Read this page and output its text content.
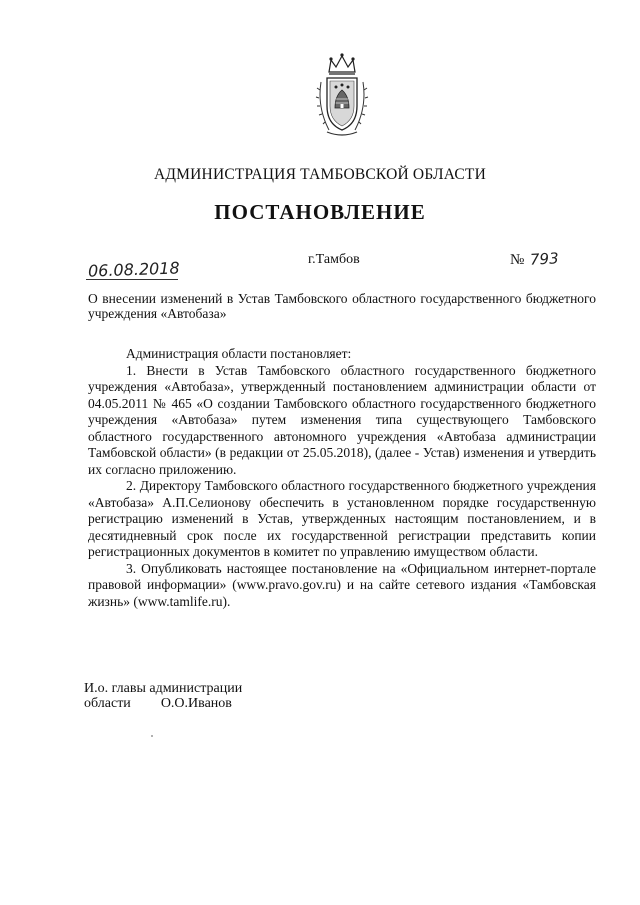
АДМИНИСТРАЦИЯ ТАМБОВСКОЙ ОБЛАСТИ
ПОСТАНОВЛЕНИЕ
06.08.2018	г.Тамбов	№ 793
О внесении изменений в Устав Тамбовского областного государственного бюджетного учреждения «Автобаза»

Администрация области постановляет:

1. Внести в Устав Тамбовского областного государственного бюджетного учреждения «Автобаза», утвержденный постановлением администрации области от 04.05.2011 № 465 «О создании Тамбовского областного государственного бюджетного учреждения «Автобаза» путем изменения типа существующего Тамбовского областного государственного автономного учреждения «Автобаза администрации Тамбовской области» (в редакции от 25.05.2018), (далее - Устав) изменения и утвердить их согласно приложению.

2. Директору Тамбовского областного государственного бюджетного учреждения «Автобаза» А.П.Селионову обеспечить в установленном порядке государственную регистрацию изменений в Устав, утвержденных настоящим постановлением, и в десятидневный срок после их государственной регистрации представить копии регистрационных документов в комитет по управлению имуществом области.

3. Опубликовать настоящее постановление на «Официальном интернет-портале правовой информации» (www.pravo.gov.ru) и на сайте сетевого издания «Тамбовская жизнь» (www.tamlife.ru).

И.о. главы администрации
области О.О.Иванов
